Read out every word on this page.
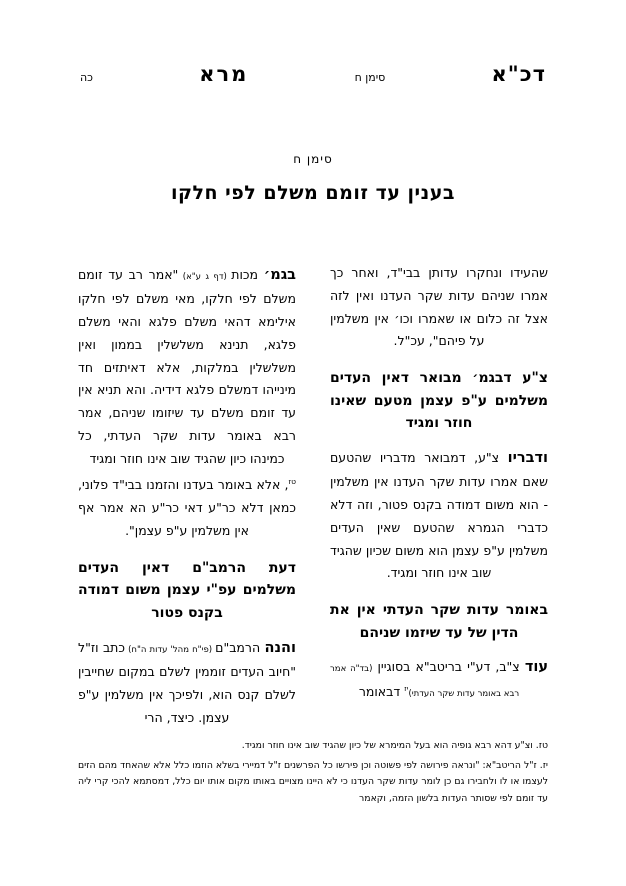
דכ"א
סימן ח
מרא
כה
סימן ח
בענין עד זומם משלם לפי חלקו

שהעידו ונחקרו עדותן בבי"ד, ואחר כך אמרו שניהם עדות שקר העדנו ואין לזה אצל זה כלום או שאמרו וכו׳ אין משלמין על פיהם", עכ"ל.

צ"ע דבגמ׳ מבואר דאין העדים משלמים ע"פ עצמן מטעם שאינו חוזר ומגיד

ודבריו צ"ע, דמבואר מדבריו שהטעם שאם אמרו עדות שקר העדנו אין משלמין - הוא משום דמודה בקנס פטור, וזה דלא כדברי הגמרא שהטעם שאין העדים משלמין ע"פ עצמן הוא משום שכיון שהגיד שוב אינו חוזר ומגיד.

באומר עדות שקר העדתי אין את הדין של עד שיזמו שניהם

עוד צ"ב, דע"י בריטב"א בסוגיין (בד"ה אמר רבא באומר עדות שקר העדתי)$^{יז}$ דבאומר

בגמ׳ מכות (דף ג ע"א) "אמר רב עד זומם משלם לפי חלקו, מאי משלם לפי חלקו אילימא דהאי משלם פלגא והאי משלם פלגא, תנינא משלשלין בממון ואין משלשלין במלקות, אלא דאיתזים חד מינייהו דמשלם פלגא דידיה. והא תניא אין עד זומם משלם עד שיזומו שניהם, אמר רבא באומר עדות שקר העדתי, כל כמינהו כיון שהגיד שוב אינו חוזר ומגיד

$^{טז}$, אלא באומר בעדנו והזמנו בבי"ד פלוני, כמאן דלא כר"ע דאי כר"ע הא אמר אף אין משלמין ע"פ עצמן".

דעת הרמב"ם דאין העדים משלמים עפ"י עצמן משום דמודה בקנס פטור

והנה הרמב"ם (פי"ח מהל' עדות ה"ח) כתב וז"ל "חיוב העדים זוממין לשלם במקום שחייבין לשלם קנס הוא, ולפיכך אין משלמין ע"פ עצמן. כיצד, הרי

טז. וצ"ע דהא רבא גופיה הוא בעל המימרא של כיון שהגיד שוב אינו חוזר ומגיד.

יז. ז"ל הריטב"א: "ונראה פירושה לפי פשוטה וכן פירשו כל הפרשנים ז"ל דמיירי בשלא הוזמו כלל אלא שהאחד מהם הזים לעצמו או לו ולחבירו גם כן לומר עדות שקר העדנו כי לא היינו מצויים באותו מקום אותו יום כלל, דמסתמא להכי קרי ליה עד זומם לפי שסותר העדות בלשון הזמה, וקאמר
